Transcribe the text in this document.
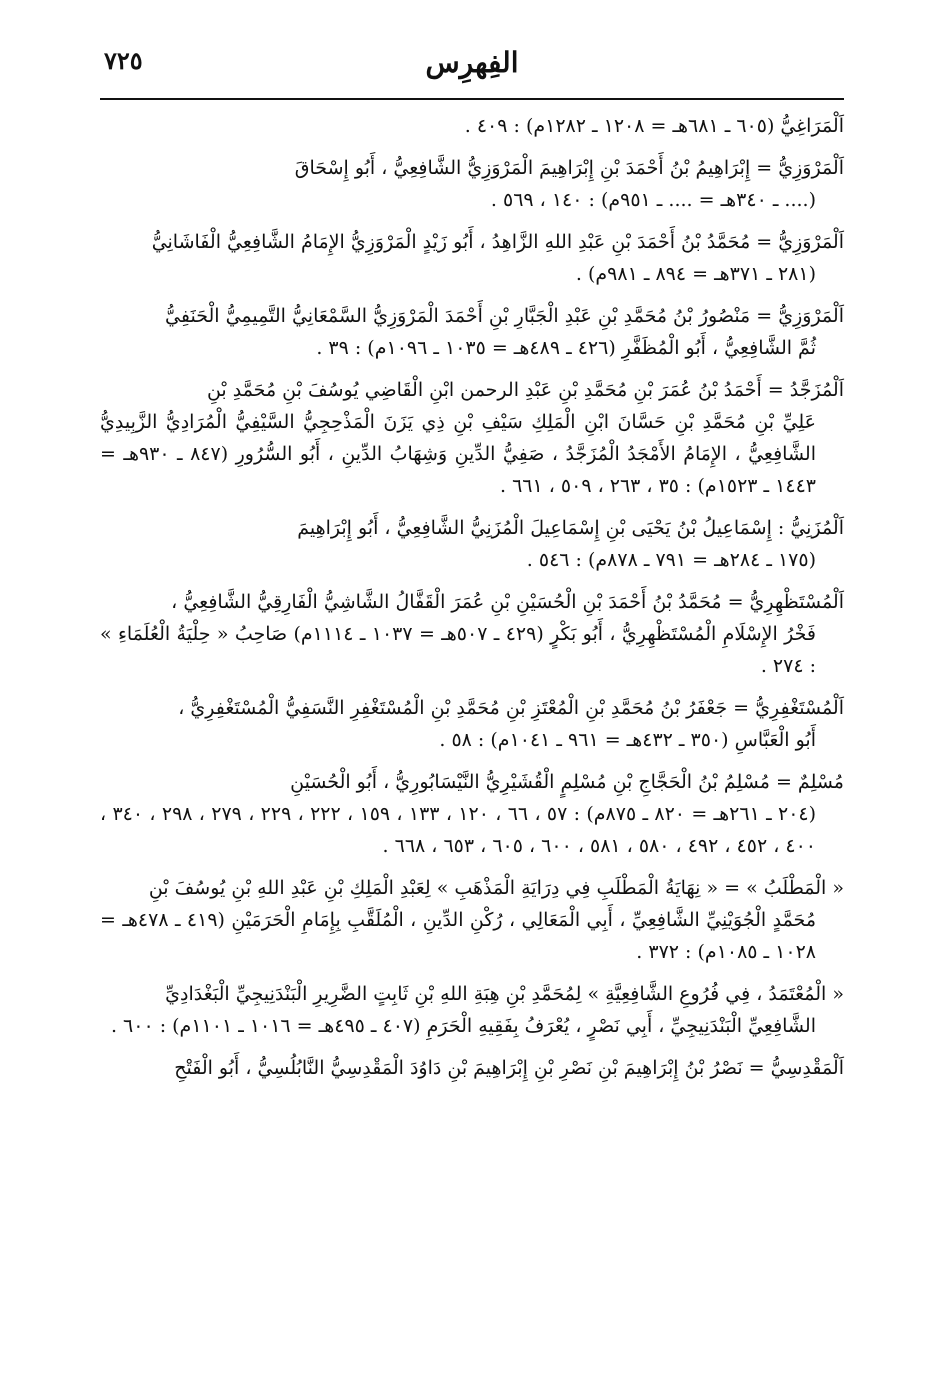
الفِهرِس
٧٢٥

اَلْمَرَاغِيُّ (٦٠٥ ـ ٦٨١هـ = ١٢٠٨ ـ ١٢٨٢م) : ٤٠٩ .

اَلْمَرْوَزِيُّ = إِبْرَاهِيمُ بْنُ أَحْمَدَ بْنِ إِبْرَاهِيمَ الْمَرْوَزِيُّ الشَّافِعِيُّ ، أَبُو إِسْحَاقَ
(.... ـ ٣٤٠هـ = .... ـ ٩٥١م) : ١٤٠ ، ٥٦٩ .

اَلْمَرْوَزِيُّ = مُحَمَّدُ بْنُ أَحْمَدَ بْنِ عَبْدِ اللهِ الزَّاهِدُ ، أَبُو زَيْدٍ الْمَرْوَزِيُّ الإِمَامُ الشَّافِعِيُّ الْفَاشَانِيُّ
(٢٨١ ـ ٣٧١هـ = ٨٩٤ ـ ٩٨١م) .

اَلْمَرْوَزِيُّ = مَنْصُورُ بْنُ مُحَمَّدِ بْنِ عَبْدِ الْجَبَّارِ بْنِ أَحْمَدَ الْمَرْوَزِيُّ السَّمْعَانِيُّ التَّمِيمِيُّ الْحَنَفِيُّ
ثُمَّ الشَّافِعِيُّ ، أَبُو الْمُظَفَّرِ (٤٢٦ ـ ٤٨٩هـ = ١٠٣٥ ـ ١٠٩٦م) : ٣٩ .

اَلْمُزَجَّدُ = أَحْمَدُ بْنُ عُمَرَ بْنِ مُحَمَّدِ بْنِ عَبْدِ الرحمن ابْنِ الْقَاضِي يُوسُفَ بْنِ مُحَمَّدِ بْنِ
عَلِيِّ بْنِ مُحَمَّدِ بْنِ حَسَّانَ ابْنِ الْمَلِكِ سَيْفِ بْنِ ذِي يَزَنَ الْمَذْحِجِيُّ السَّيْفِيُّ الْمُرَادِيُّ الزَّبِيدِيُّ الشَّافِعِيُّ ، الإِمَامُ الأَمْجَدُ الْمُزَجَّدُ ، صَفِيُّ الدِّينِ وَشِهَابُ الدِّينِ ، أَبُو السُّرُورِ (٨٤٧ ـ ٩٣٠هـ = ١٤٤٣ ـ ١٥٢٣م) : ٣٥ ، ٢٦٣ ، ٥٠٩ ، ٦٦١ .

اَلْمُزَنِيُّ : إِسْمَاعِيلُ بْنُ يَحْيَى بْنِ إِسْمَاعِيلَ الْمُزَنِيُّ الشَّافِعِيُّ ، أَبُو إِبْرَاهِيمَ
(١٧٥ ـ ٢٨٤هـ = ٧٩١ ـ ٨٧٨م) : ٥٤٦ .

اَلْمُسْتَظْهِرِيُّ = مُحَمَّدُ بْنُ أَحْمَدَ بْنِ الْحُسَيْنِ بْنِ عُمَرَ الْقَفَّالُ الشَّاشِيُّ الْفَارِقِيُّ الشَّافِعِيُّ ،
فَخْرُ الإِسْلَامِ الْمُسْتَظْهِرِيُّ ، أَبُو بَكْرٍ (٤٢٩ ـ ٥٠٧هـ = ١٠٣٧ ـ ١١١٤م) صَاحِبُ « حِلْيَةُ الْعُلَمَاءِ » : ٢٧٤ .

اَلْمُسْتَغْفِرِيُّ = جَعْفَرُ بْنُ مُحَمَّدِ بْنِ الْمُعْتَزِ بْنِ مُحَمَّدِ بْنِ الْمُسْتَغْفِرِ النَّسَفِيُّ الْمُسْتَغْفِرِيُّ ،
أَبُو الْعَبَّاسِ (٣٥٠ ـ ٤٣٢هـ = ٩٦١ ـ ١٠٤١م) : ٥٨ .

مُسْلِمٌ = مُسْلِمُ بْنُ الْحَجَّاجِ بْنِ مُسْلِمٍ الْقُشَيْرِيُّ النَّيْسَابُورِيُّ ، أَبُو الْحُسَيْنِ
(٢٠٤ ـ ٢٦١هـ = ٨٢٠ ـ ٨٧٥م) : ٥٧ ، ٦٦ ، ١٢٠ ، ١٣٣ ، ١٥٩ ، ٢٢٢ ، ٢٢٩ ، ٢٧٩ ، ٢٩٨ ، ٣٤٠ ، ٤٠٠ ، ٤٥٢ ، ٤٩٢ ، ٥٨٠ ، ٥٨١ ، ٦٠٠ ، ٦٠٥ ، ٦٥٣ ، ٦٦٨ .

« الْمَطْلَبُ » = « نِهَايَةُ الْمَطْلَبِ فِي دِرَايَةِ الْمَذْهَبِ » لِعَبْدِ الْمَلِكِ بْنِ عَبْدِ اللهِ بْنِ يُوسُفَ بْنِ
مُحَمَّدٍ الْجُوَيْنِيِّ الشَّافِعِيِّ ، أَبِي الْمَعَالِي ، رُكْنِ الدِّينِ ، الْمُلَقَّبِ بِإِمَامِ الْحَرَمَيْنِ (٤١٩ ـ ٤٧٨هـ = ١٠٢٨ ـ ١٠٨٥م) : ٣٧٢ .

« الْمُعْتَمَدُ ، فِي فُرُوعِ الشَّافِعِيَّةِ » لِمُحَمَّدِ بْنِ هِبَةِ اللهِ بْنِ ثَابِتٍ الضَّرِيرِ الْبَنْدَنِيجِيِّ الْبَغْدَادِيِّ
الشَّافِعِيِّ الْبَنْدَنِيجِيِّ ، أَبِي نَصْرٍ ، يُعْرَفُ بِفَقِيهِ الْحَرَمِ (٤٠٧ ـ ٤٩٥هـ = ١٠١٦ ـ ١١٠١م) : ٦٠٠ .

اَلْمَقْدِسِيُّ = نَصْرُ بْنُ إِبْرَاهِيمَ بْنِ نَصْرِ بْنِ إِبْرَاهِيمَ بْنِ دَاوُدَ الْمَقْدِسِيُّ النَّابُلُسِيُّ ، أَبُو الْفَتْحِ
